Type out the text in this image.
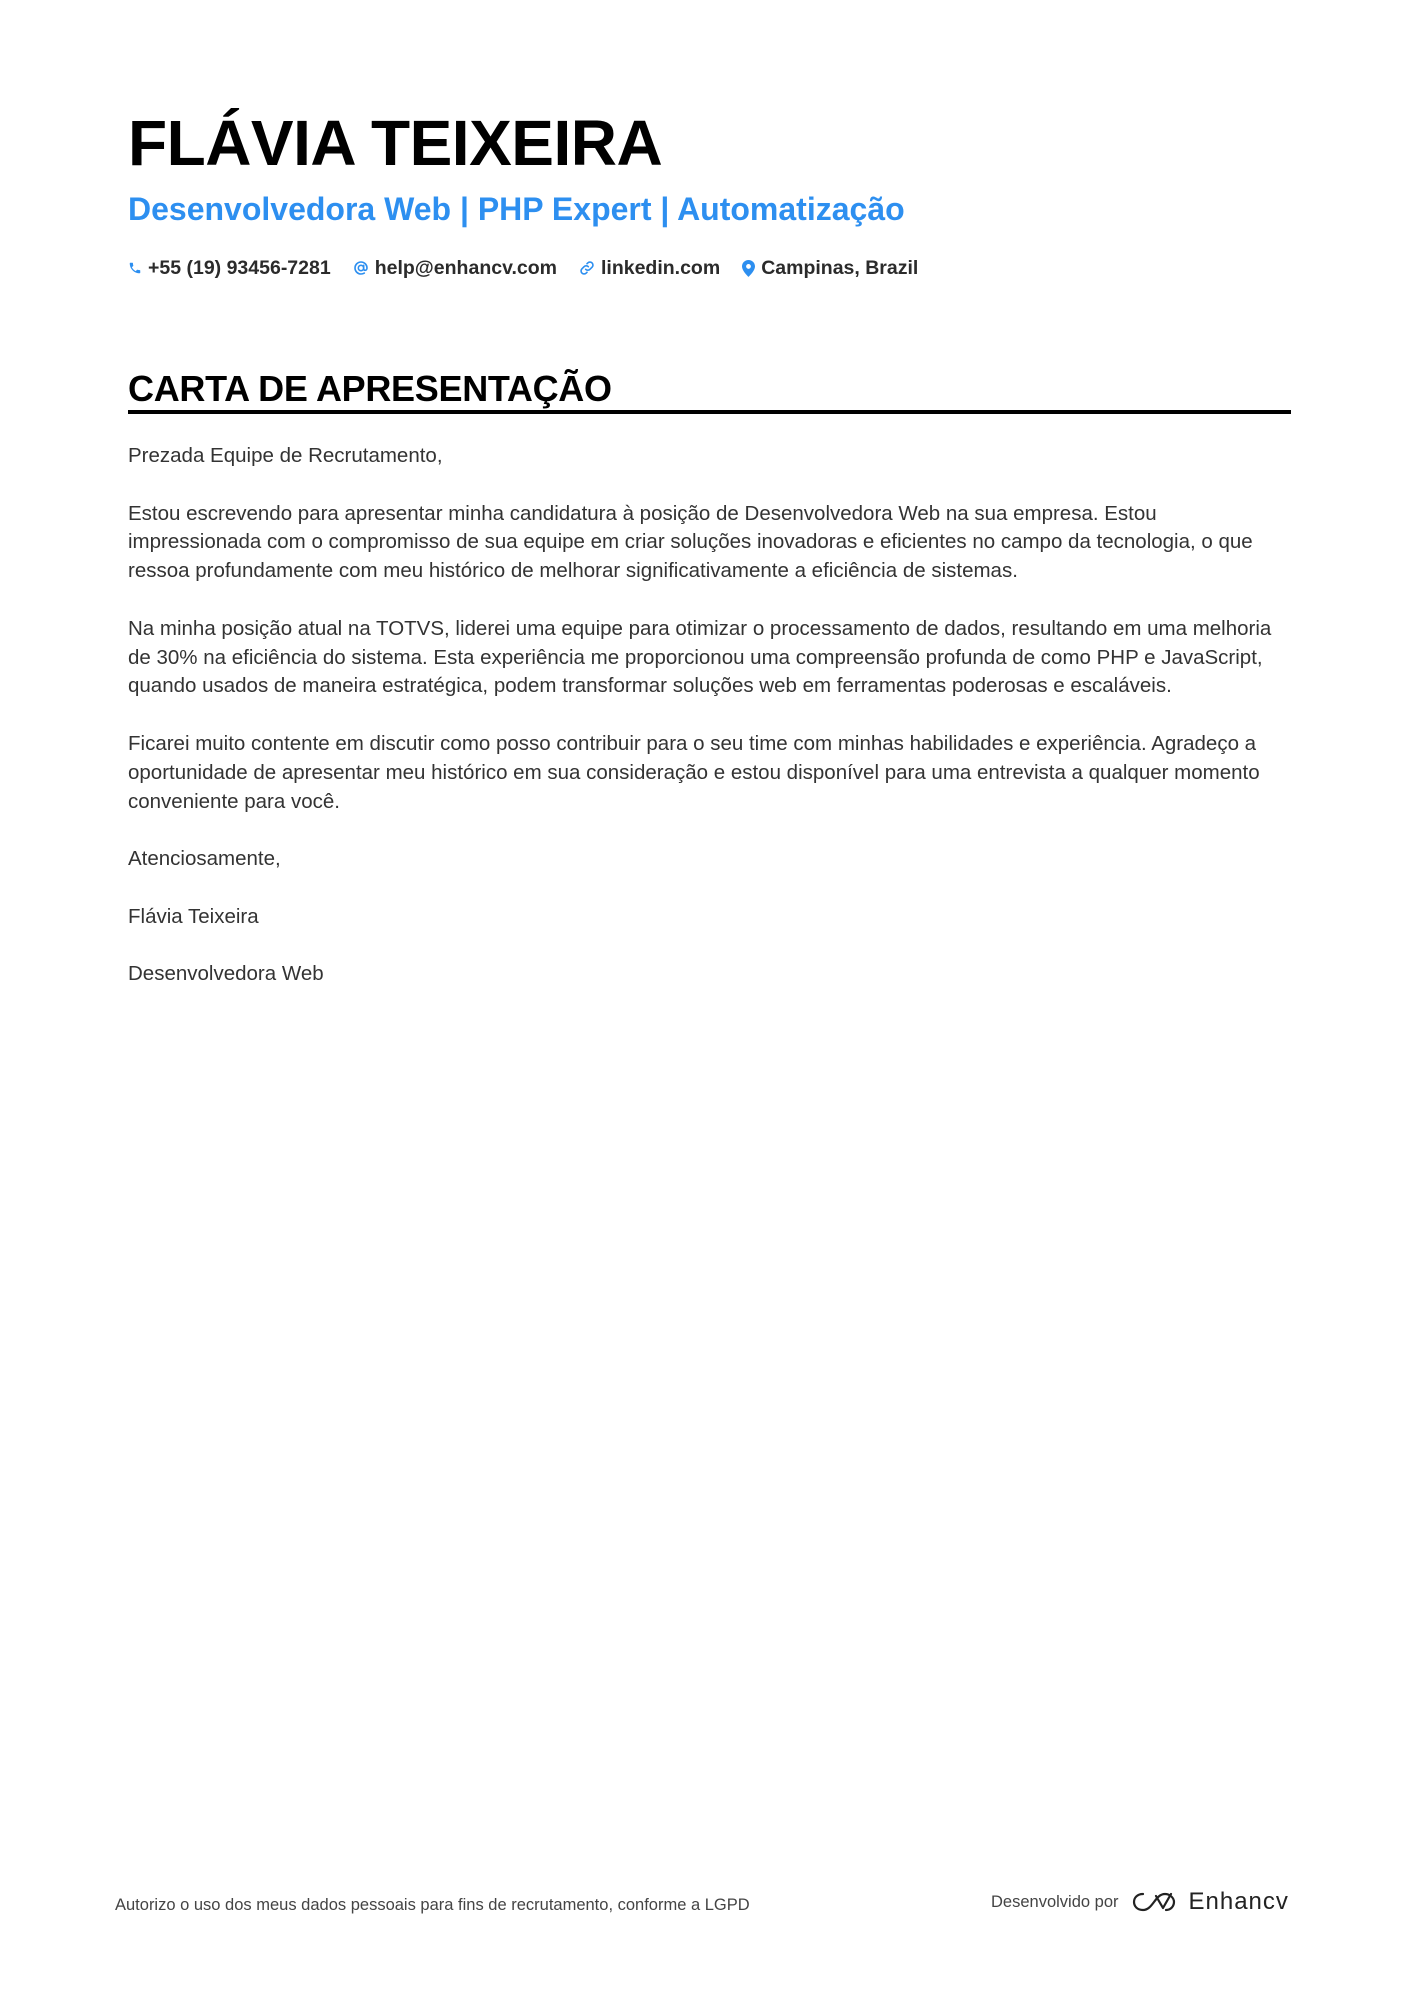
FLÁVIA TEIXEIRA
Desenvolvedora Web | PHP Expert | Automatização
+55 (19) 93456-7281 help@enhancv.com linkedin.com Campinas, Brazil
CARTA DE APRESENTAÇÃO

Prezada Equipe de Recrutamento,

Estou escrevendo para apresentar minha candidatura à posição de Desenvolvedora Web na sua empresa. Estou impressionada com o compromisso de sua equipe em criar soluções inovadoras e eficientes no campo da tecnologia, o que ressoa profundamente com meu histórico de melhorar significativamente a eficiência de sistemas.

Na minha posição atual na TOTVS, liderei uma equipe para otimizar o processamento de dados, resultando em uma melhoria de 30% na eficiência do sistema. Esta experiência me proporcionou uma compreensão profunda de como PHP e JavaScript, quando usados de maneira estratégica, podem transformar soluções web em ferramentas poderosas e escaláveis.

Ficarei muito contente em discutir como posso contribuir para o seu time com minhas habilidades e experiência. Agradeço a oportunidade de apresentar meu histórico em sua consideração e estou disponível para uma entrevista a qualquer momento conveniente para você.

Atenciosamente,

Flávia Teixeira

Desenvolvedora Web

Autorizo o uso dos meus dados pessoais para fins de recrutamento, conforme a LGPD	Desenvolvido por	Enhancv
